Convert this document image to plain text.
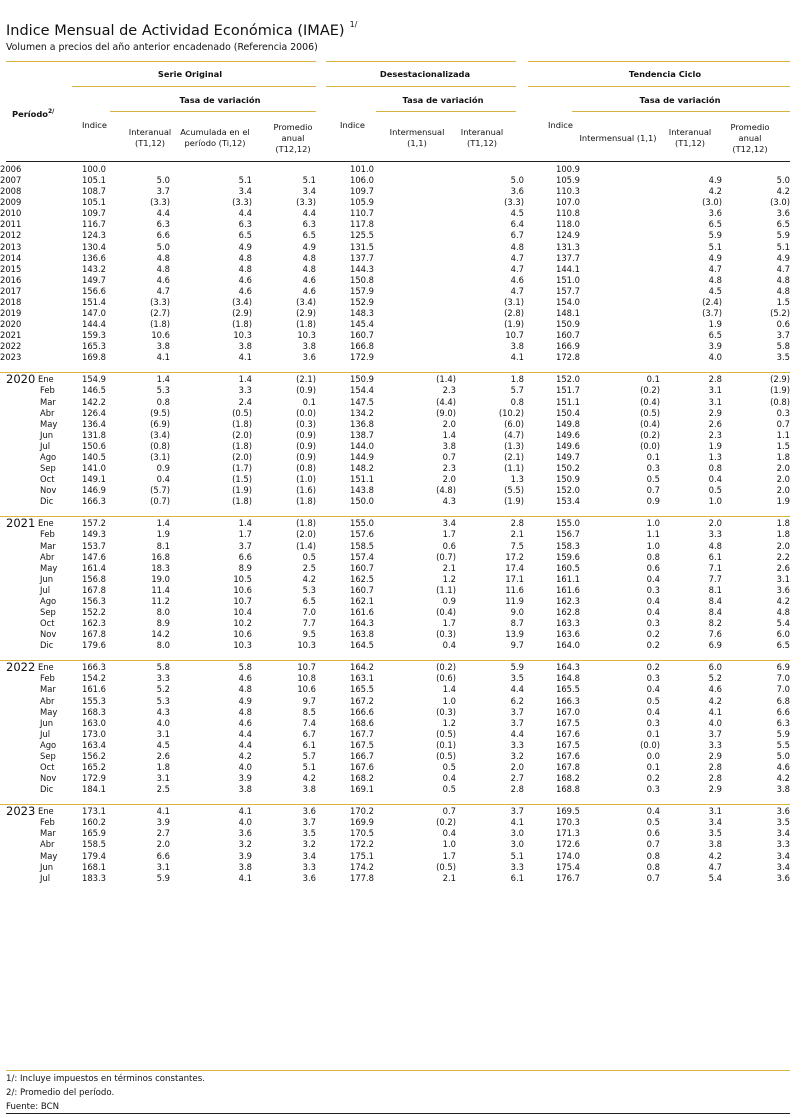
Indice Mensual de Actividad Económica (IMAE) $^{1/}$
Volumen a precios del año anterior encadenado (Referencia 2006)
Serie Original	Desestacionalizada	Tendencia Ciclo
Tasa de variación	Tasa de variación	Tasa de variación
Período$^{2/}$
Indice
Interanual
(T1,12)
Acumulada en el
período (Ti,12)
Promedio
anual
(T12,12)
Indice
Intermensual
(1,1)
Interanual
(T1,12)
Indice
Intermensual (1,1)
Interanual
(T1,12)
Promedio
anual
(T12,12)
2006	100.0				101.0			100.9			
2007	105.1	5.0	5.1	5.1	106.0		5.0	105.9		4.9	5.0
2008	108.7	3.7	3.4	3.4	109.7		3.6	110.3		4.2	4.2
2009	105.1	(3.3)	(3.3)	(3.3)	105.9		(3.3)	107.0		(3.0)	(3.0)
2010	109.7	4.4	4.4	4.4	110.7		4.5	110.8		3.6	3.6
2011	116.7	6.3	6.3	6.3	117.8		6.4	118.0		6.5	6.5
2012	124.3	6.6	6.5	6.5	125.5		6.7	124.9		5.9	5.9
2013	130.4	5.0	4.9	4.9	131.5		4.8	131.3		5.1	5.1
2014	136.6	4.8	4.8	4.8	137.7		4.7	137.7		4.9	4.9
2015	143.2	4.8	4.8	4.8	144.3		4.7	144.1		4.7	4.7
2016	149.7	4.6	4.6	4.6	150.8		4.6	151.0		4.8	4.8
2017	156.6	4.7	4.6	4.6	157.9		4.7	157.7		4.5	4.8
2018	151.4	(3.3)	(3.4)	(3.4)	152.9		(3.1)	154.0		(2.4)	1.5
2019	147.0	(2.7)	(2.9)	(2.9)	148.3		(2.8)	148.1		(3.7)	(5.2)
2020	144.4	(1.8)	(1.8)	(1.8)	145.4		(1.9)	150.9		1.9	0.6
2021	159.3	10.6	10.3	10.3	160.7		10.7	160.7		6.5	3.7
2022	165.3	3.8	3.8	3.8	166.8		3.8	166.9		3.9	5.8
2023	169.8	4.1	4.1	3.6	172.9		4.1	172.8		4.0	3.5

2020 Ene	154.9	1.4	1.4	(2.1)	150.9	(1.4)	1.8	152.0	0.1	2.8	(2.9)
Feb	146.5	5.3	3.3	(0.9)	154.4	2.3	5.7	151.7	(0.2)	3.1	(1.9)
Mar	142.2	0.8	2.4	0.1	147.5	(4.4)	0.8	151.1	(0.4)	3.1	(0.8)
Abr	126.4	(9.5)	(0.5)	(0.0)	134.2	(9.0)	(10.2)	150.4	(0.5)	2.9	0.3
May	136.4	(6.9)	(1.8)	(0.3)	136.8	2.0	(6.0)	149.8	(0.4)	2.6	0.7
Jun	131.8	(3.4)	(2.0)	(0.9)	138.7	1.4	(4.7)	149.6	(0.2)	2.3	1.1
Jul	150.6	(0.8)	(1.8)	(0.9)	144.0	3.8	(1.3)	149.6	(0.0)	1.9	1.5
Ago	140.5	(3.1)	(2.0)	(0.9)	144.9	0.7	(2.1)	149.7	0.1	1.3	1.8
Sep	141.0	0.9	(1.7)	(0.8)	148.2	2.3	(1.1)	150.2	0.3	0.8	2.0
Oct	149.1	0.4	(1.5)	(1.0)	151.1	2.0	1.3	150.9	0.5	0.4	2.0
Nov	146.9	(5.7)	(1.9)	(1.6)	143.8	(4.8)	(5.5)	152.0	0.7	0.5	2.0
Dic	166.3	(0.7)	(1.8)	(1.8)	150.0	4.3	(1.9)	153.4	0.9	1.0	1.9

2021 Ene	157.2	1.4	1.4	(1.8)	155.0	3.4	2.8	155.0	1.0	2.0	1.8
Feb	149.3	1.9	1.7	(2.0)	157.6	1.7	2.1	156.7	1.1	3.3	1.8
Mar	153.7	8.1	3.7	(1.4)	158.5	0.6	7.5	158.3	1.0	4.8	2.0
Abr	147.6	16.8	6.6	0.5	157.4	(0.7)	17.2	159.6	0.8	6.1	2.2
May	161.4	18.3	8.9	2.5	160.7	2.1	17.4	160.5	0.6	7.1	2.6
Jun	156.8	19.0	10.5	4.2	162.5	1.2	17.1	161.1	0.4	7.7	3.1
Jul	167.8	11.4	10.6	5.3	160.7	(1.1)	11.6	161.6	0.3	8.1	3.6
Ago	156.3	11.2	10.7	6.5	162.1	0.9	11.9	162.3	0.4	8.4	4.2
Sep	152.2	8.0	10.4	7.0	161.6	(0.4)	9.0	162.8	0.4	8.4	4.8
Oct	162.3	8.9	10.2	7.7	164.3	1.7	8.7	163.3	0.3	8.2	5.4
Nov	167.8	14.2	10.6	9.5	163.8	(0.3)	13.9	163.6	0.2	7.6	6.0
Dic	179.6	8.0	10.3	10.3	164.5	0.4	9.7	164.0	0.2	6.9	6.5

2022 Ene	166.3	5.8	5.8	10.7	164.2	(0.2)	5.9	164.3	0.2	6.0	6.9
Feb	154.2	3.3	4.6	10.8	163.1	(0.6)	3.5	164.8	0.3	5.2	7.0
Mar	161.6	5.2	4.8	10.6	165.5	1.4	4.4	165.5	0.4	4.6	7.0
Abr	155.3	5.3	4.9	9.7	167.2	1.0	6.2	166.3	0.5	4.2	6.8
May	168.3	4.3	4.8	8.5	166.6	(0.3)	3.7	167.0	0.4	4.1	6.6
Jun	163.0	4.0	4.6	7.4	168.6	1.2	3.7	167.5	0.3	4.0	6.3
Jul	173.0	3.1	4.4	6.7	167.7	(0.5)	4.4	167.6	0.1	3.7	5.9
Ago	163.4	4.5	4.4	6.1	167.5	(0.1)	3.3	167.5	(0.0)	3.3	5.5
Sep	156.2	2.6	4.2	5.7	166.7	(0.5)	3.2	167.6	0.0	2.9	5.0
Oct	165.2	1.8	4.0	5.1	167.6	0.5	2.0	167.8	0.1	2.8	4.6
Nov	172.9	3.1	3.9	4.2	168.2	0.4	2.7	168.2	0.2	2.8	4.2
Dic	184.1	2.5	3.8	3.8	169.1	0.5	2.8	168.8	0.3	2.9	3.8

2023 Ene	173.1	4.1	4.1	3.6	170.2	0.7	3.7	169.5	0.4	3.1	3.6
Feb	160.2	3.9	4.0	3.7	169.9	(0.2)	4.1	170.3	0.5	3.4	3.5
Mar	165.9	2.7	3.6	3.5	170.5	0.4	3.0	171.3	0.6	3.5	3.4
Abr	158.5	2.0	3.2	3.2	172.2	1.0	3.0	172.6	0.7	3.8	3.3
May	179.4	6.6	3.9	3.4	175.1	1.7	5.1	174.0	0.8	4.2	3.4
Jun	168.1	3.1	3.8	3.3	174.2	(0.5)	3.3	175.4	0.8	4.7	3.4
Jul	183.3	5.9	4.1	3.6	177.8	2.1	6.1	176.7	0.7	5.4	3.6
1/: Incluye impuestos en términos constantes.
2/: Promedio del período.
Fuente: BCN
